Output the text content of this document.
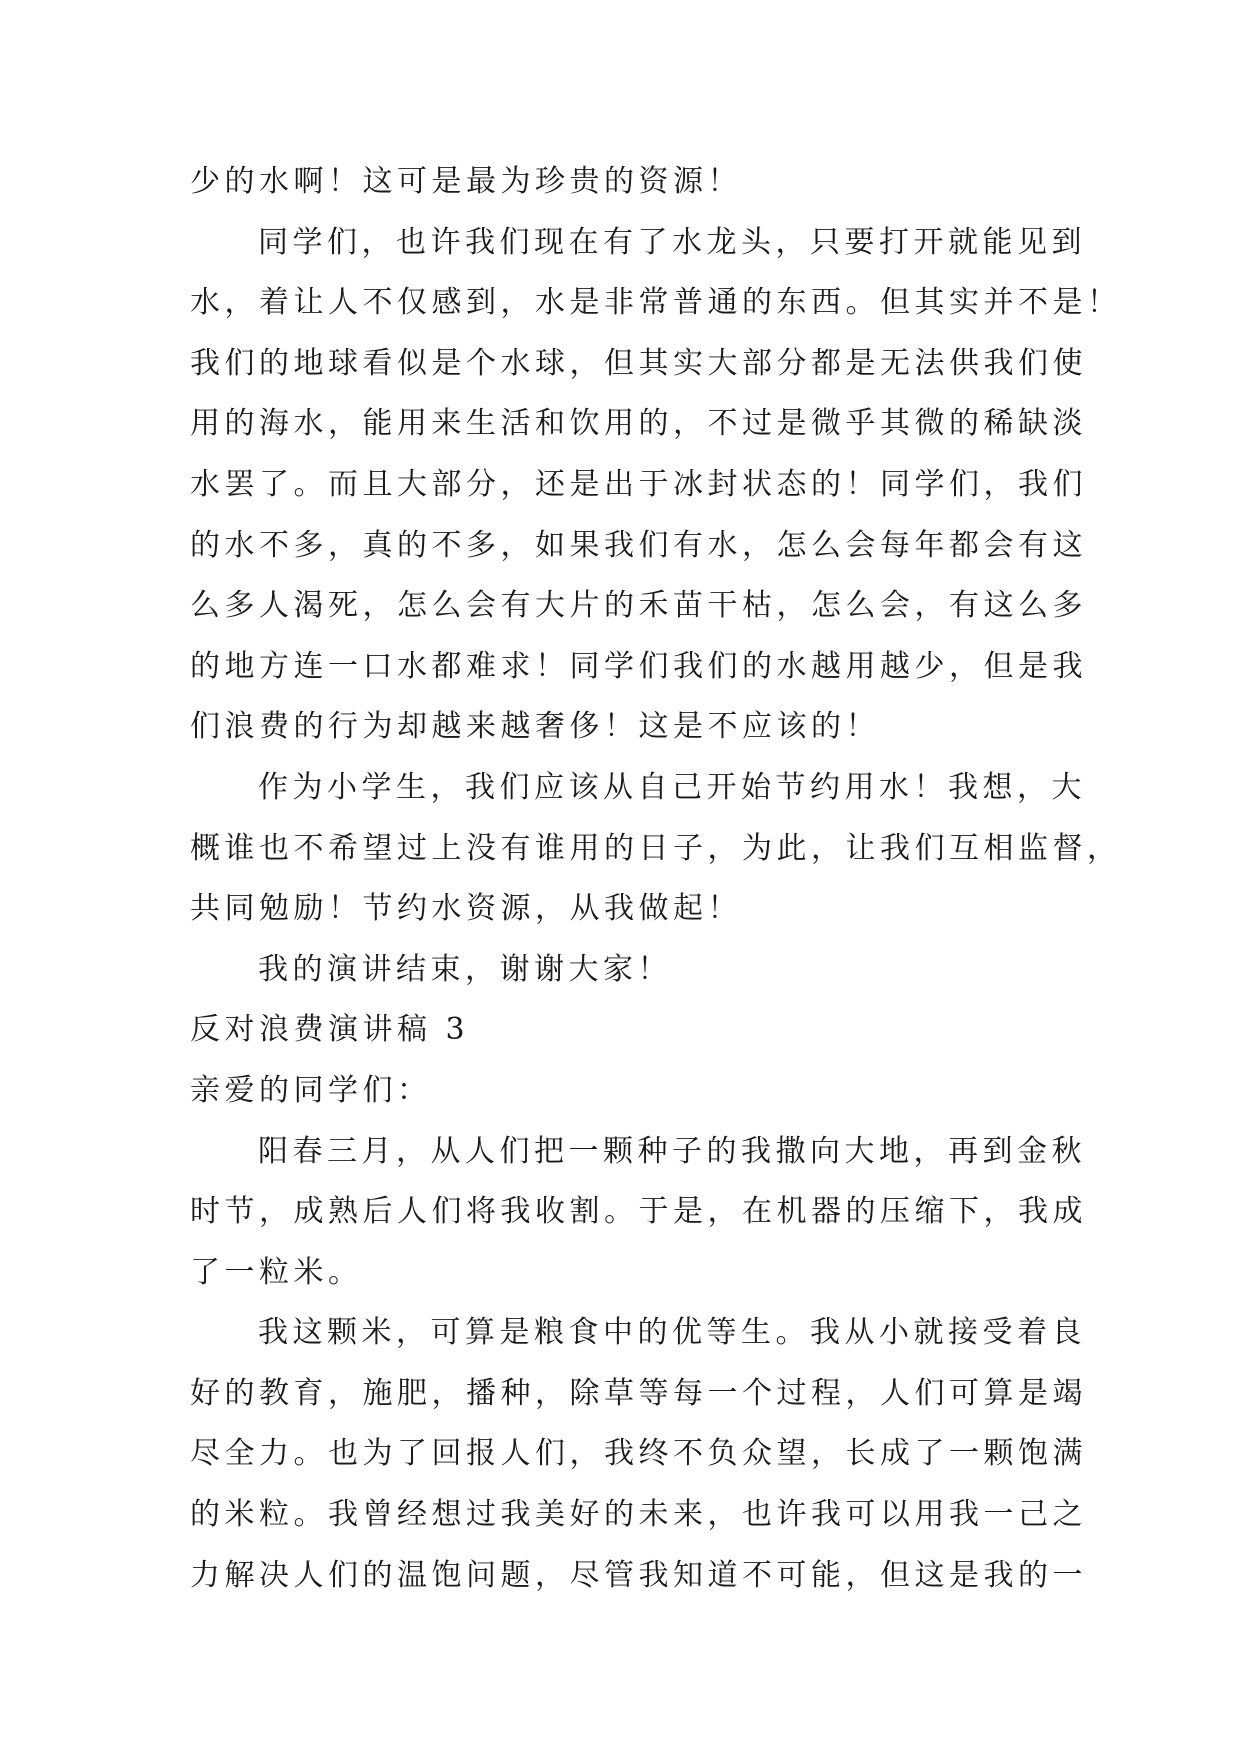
少的水啊！这可是最为珍贵的资源！
同学们，也许我们现在有了水龙头，只要打开就能见到
水，着让人不仅感到，水是非常普通的东西。但其实并不是！
我们的地球看似是个水球，但其实大部分都是无法供我们使
用的海水，能用来生活和饮用的，不过是微乎其微的稀缺淡
水罢了。而且大部分，还是出于冰封状态的！同学们，我们
的水不多，真的不多，如果我们有水，怎么会每年都会有这
么多人渴死，怎么会有大片的禾苗干枯，怎么会，有这么多
的地方连一口水都难求！同学们我们的水越用越少，但是我
们浪费的行为却越来越奢侈！这是不应该的！
作为小学生，我们应该从自己开始节约用水！我想，大
概谁也不希望过上没有谁用的日子，为此，让我们互相监督，
共同勉励！节约水资源，从我做起！
我的演讲结束，谢谢大家！
反对浪费演讲稿 3
亲爱的同学们：
阳春三月，从人们把一颗种子的我撒向大地，再到金秋
时节，成熟后人们将我收割。于是，在机器的压缩下，我成
了一粒米。
我这颗米，可算是粮食中的优等生。我从小就接受着良
好的教育，施肥，播种，除草等每一个过程，人们可算是竭
尽全力。也为了回报人们，我终不负众望，长成了一颗饱满
的米粒。我曾经想过我美好的未来，也许我可以用我一己之
力解决人们的温饱问题，尽管我知道不可能，但这是我的一
